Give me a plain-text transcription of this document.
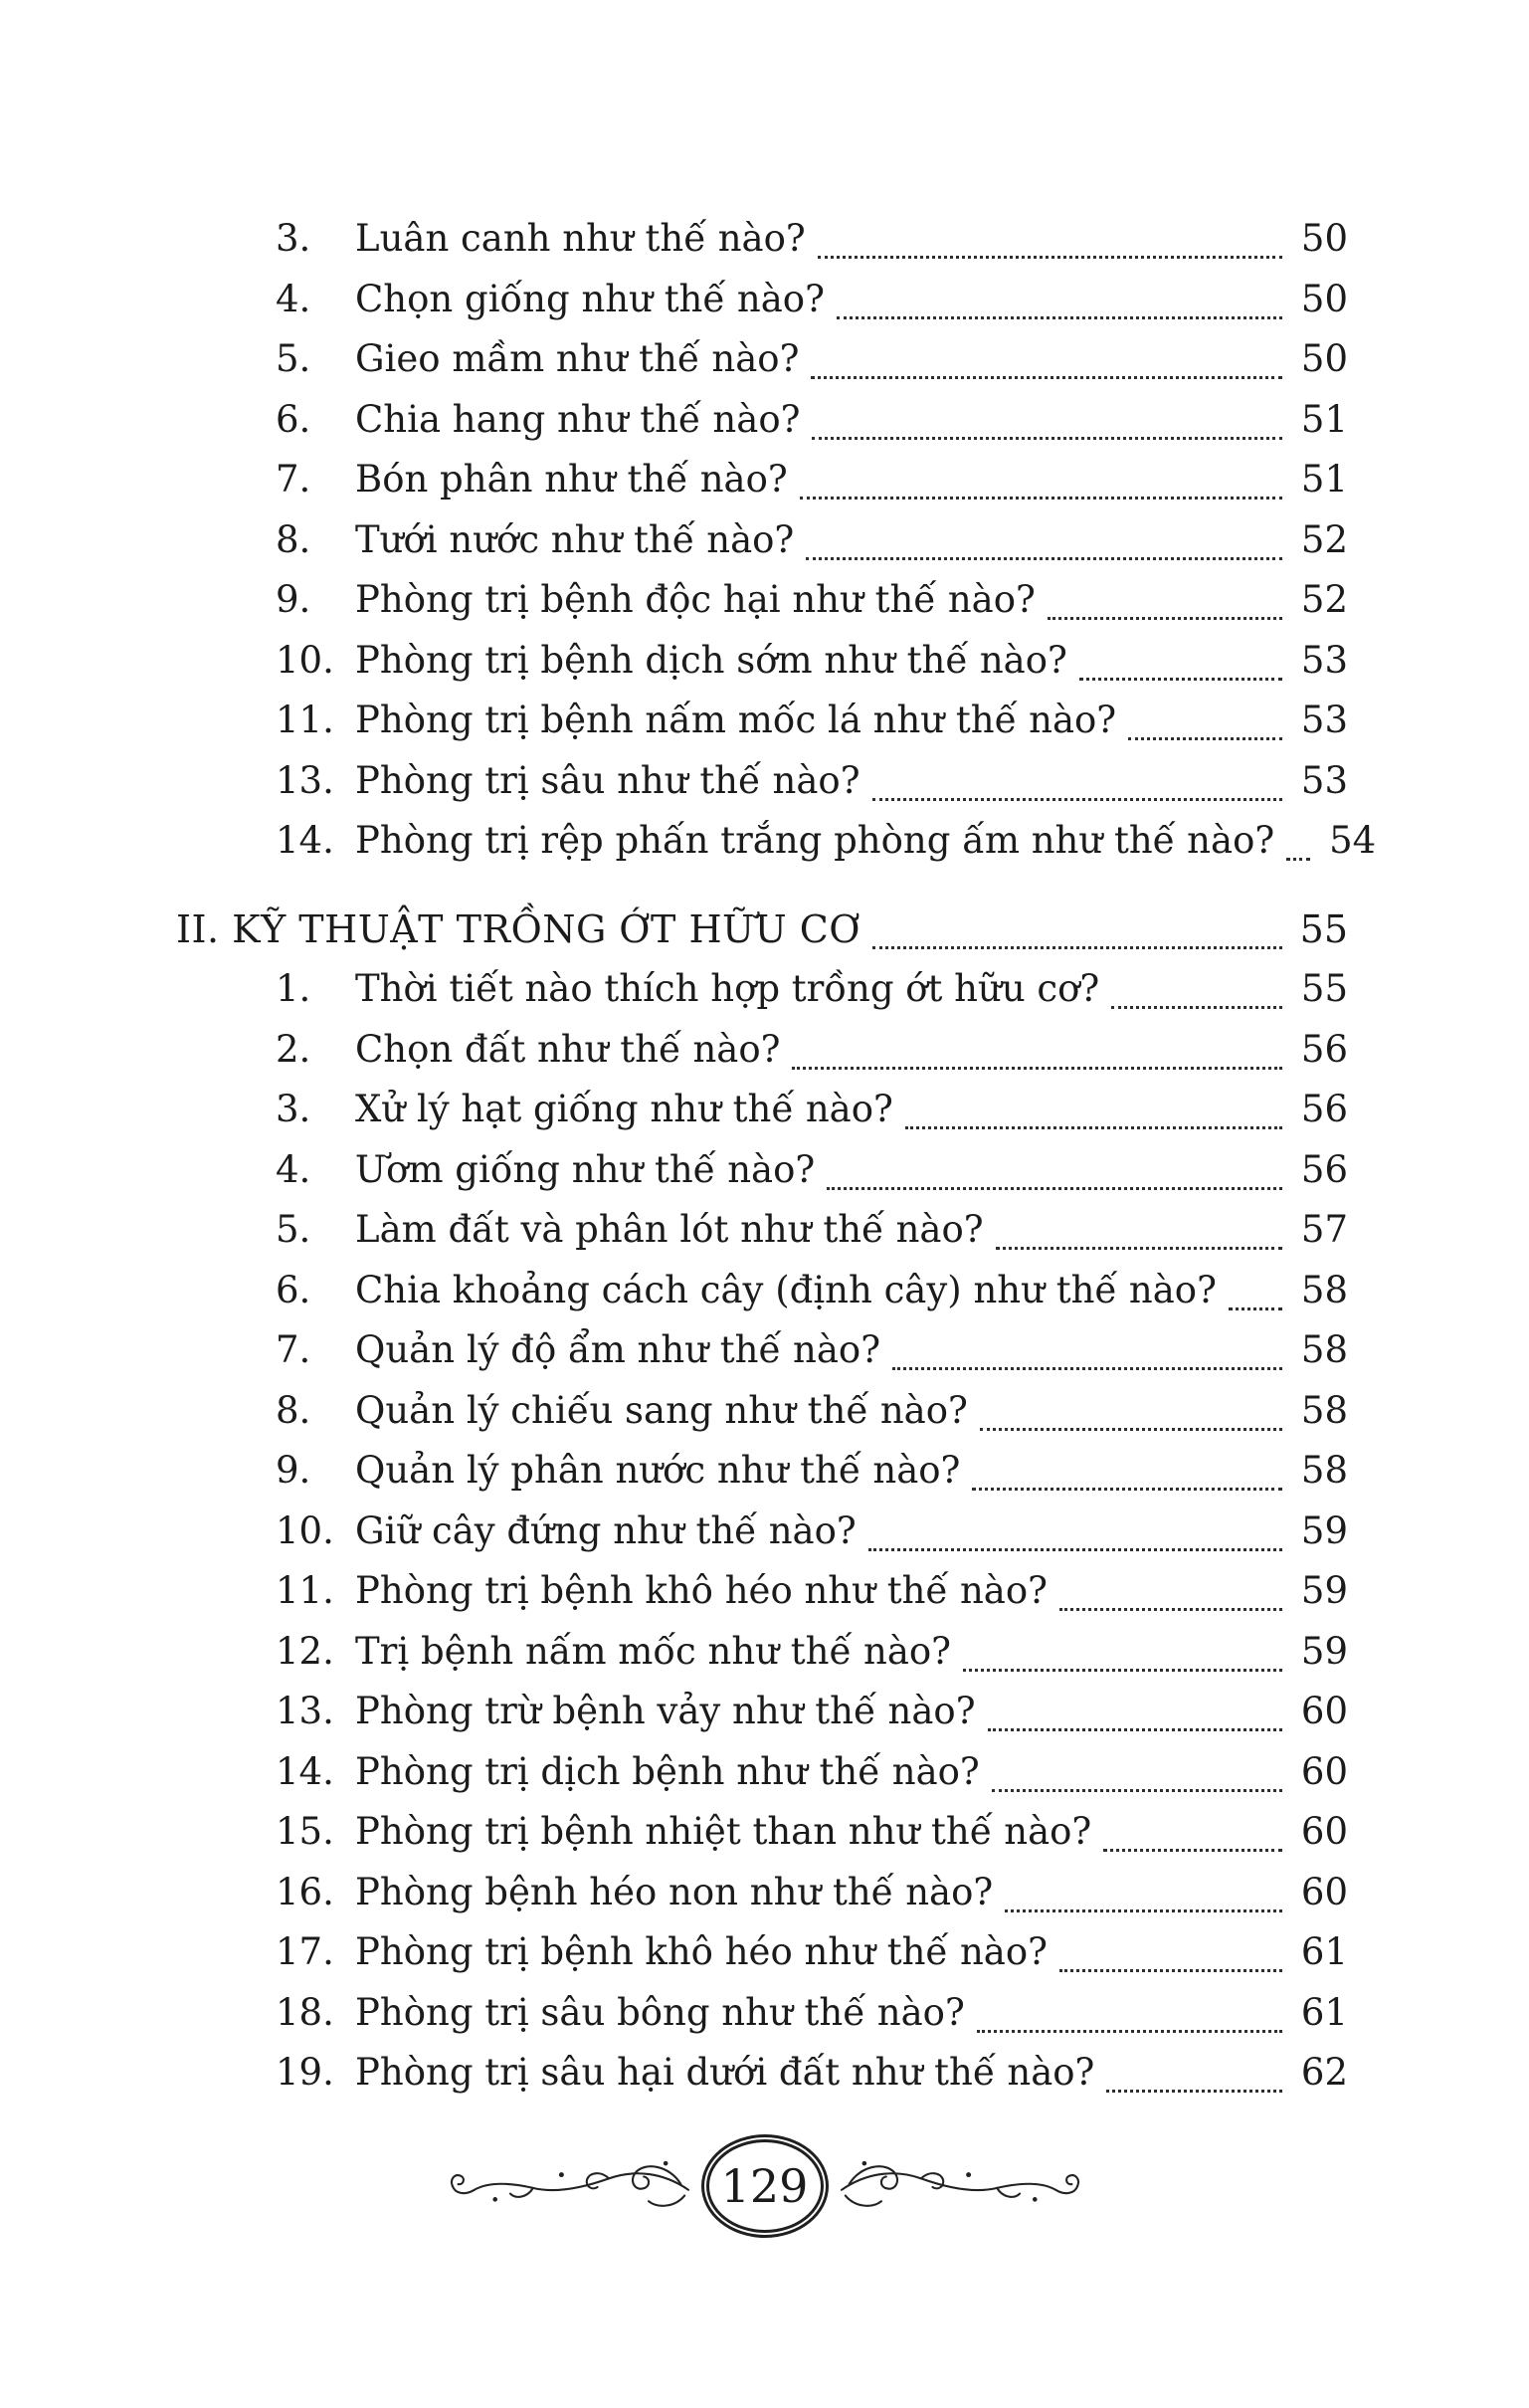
3.	Luân canh như thế nào?	50
4.	Chọn giống như thế nào?	50
5.	Gieo mầm như thế nào?	50
6.	Chia hang như thế nào?	51
7.	Bón phân như thế nào?	51
8.	Tưới nước như thế nào?	52
9.	Phòng trị bệnh độc hại như thế nào?	52
10. Phòng trị bệnh dịch sớm như thế nào?	53
11. Phòng trị bệnh nấm mốc lá như thế nào?	53
13. Phòng trị sâu như thế nào?	53
14. Phòng trị rệp phấn trắng phòng ấm như thế nào? 54
II. KỸ THUẬT TRỒNG ỚT HỮU CƠ	55
1.	Thời tiết nào thích hợp trồng ớt hữu cơ?	55
2.	Chọn đất như thế nào?	56
3.	Xử lý hạt giống như thế nào?	56
4.	Ươm giống như thế nào?	56
5.	Làm đất và phân lót như thế nào?	57
6.	Chia khoảng cách cây (định cây) như thế nào? 58
7.	Quản lý độ ẩm như thế nào?	58
8.	Quản lý chiếu sang như thế nào?	58
9.	Quản lý phân nước như thế nào?	58
10. Giữ cây đứng như thế nào?	59
11. Phòng trị bệnh khô héo như thế nào?	59
12. Trị bệnh nấm mốc như thế nào?	59
13. Phòng trừ bệnh vảy như thế nào?	60
14. Phòng trị dịch bệnh như thế nào?	60
15. Phòng trị bệnh nhiệt than như thế nào?	60
16. Phòng bệnh héo non như thế nào?	60
17. Phòng trị bệnh khô héo như thế nào?	61
18. Phòng trị sâu bông như thế nào?	61
19. Phòng trị sâu hại dưới đất như thế nào?	62
129
